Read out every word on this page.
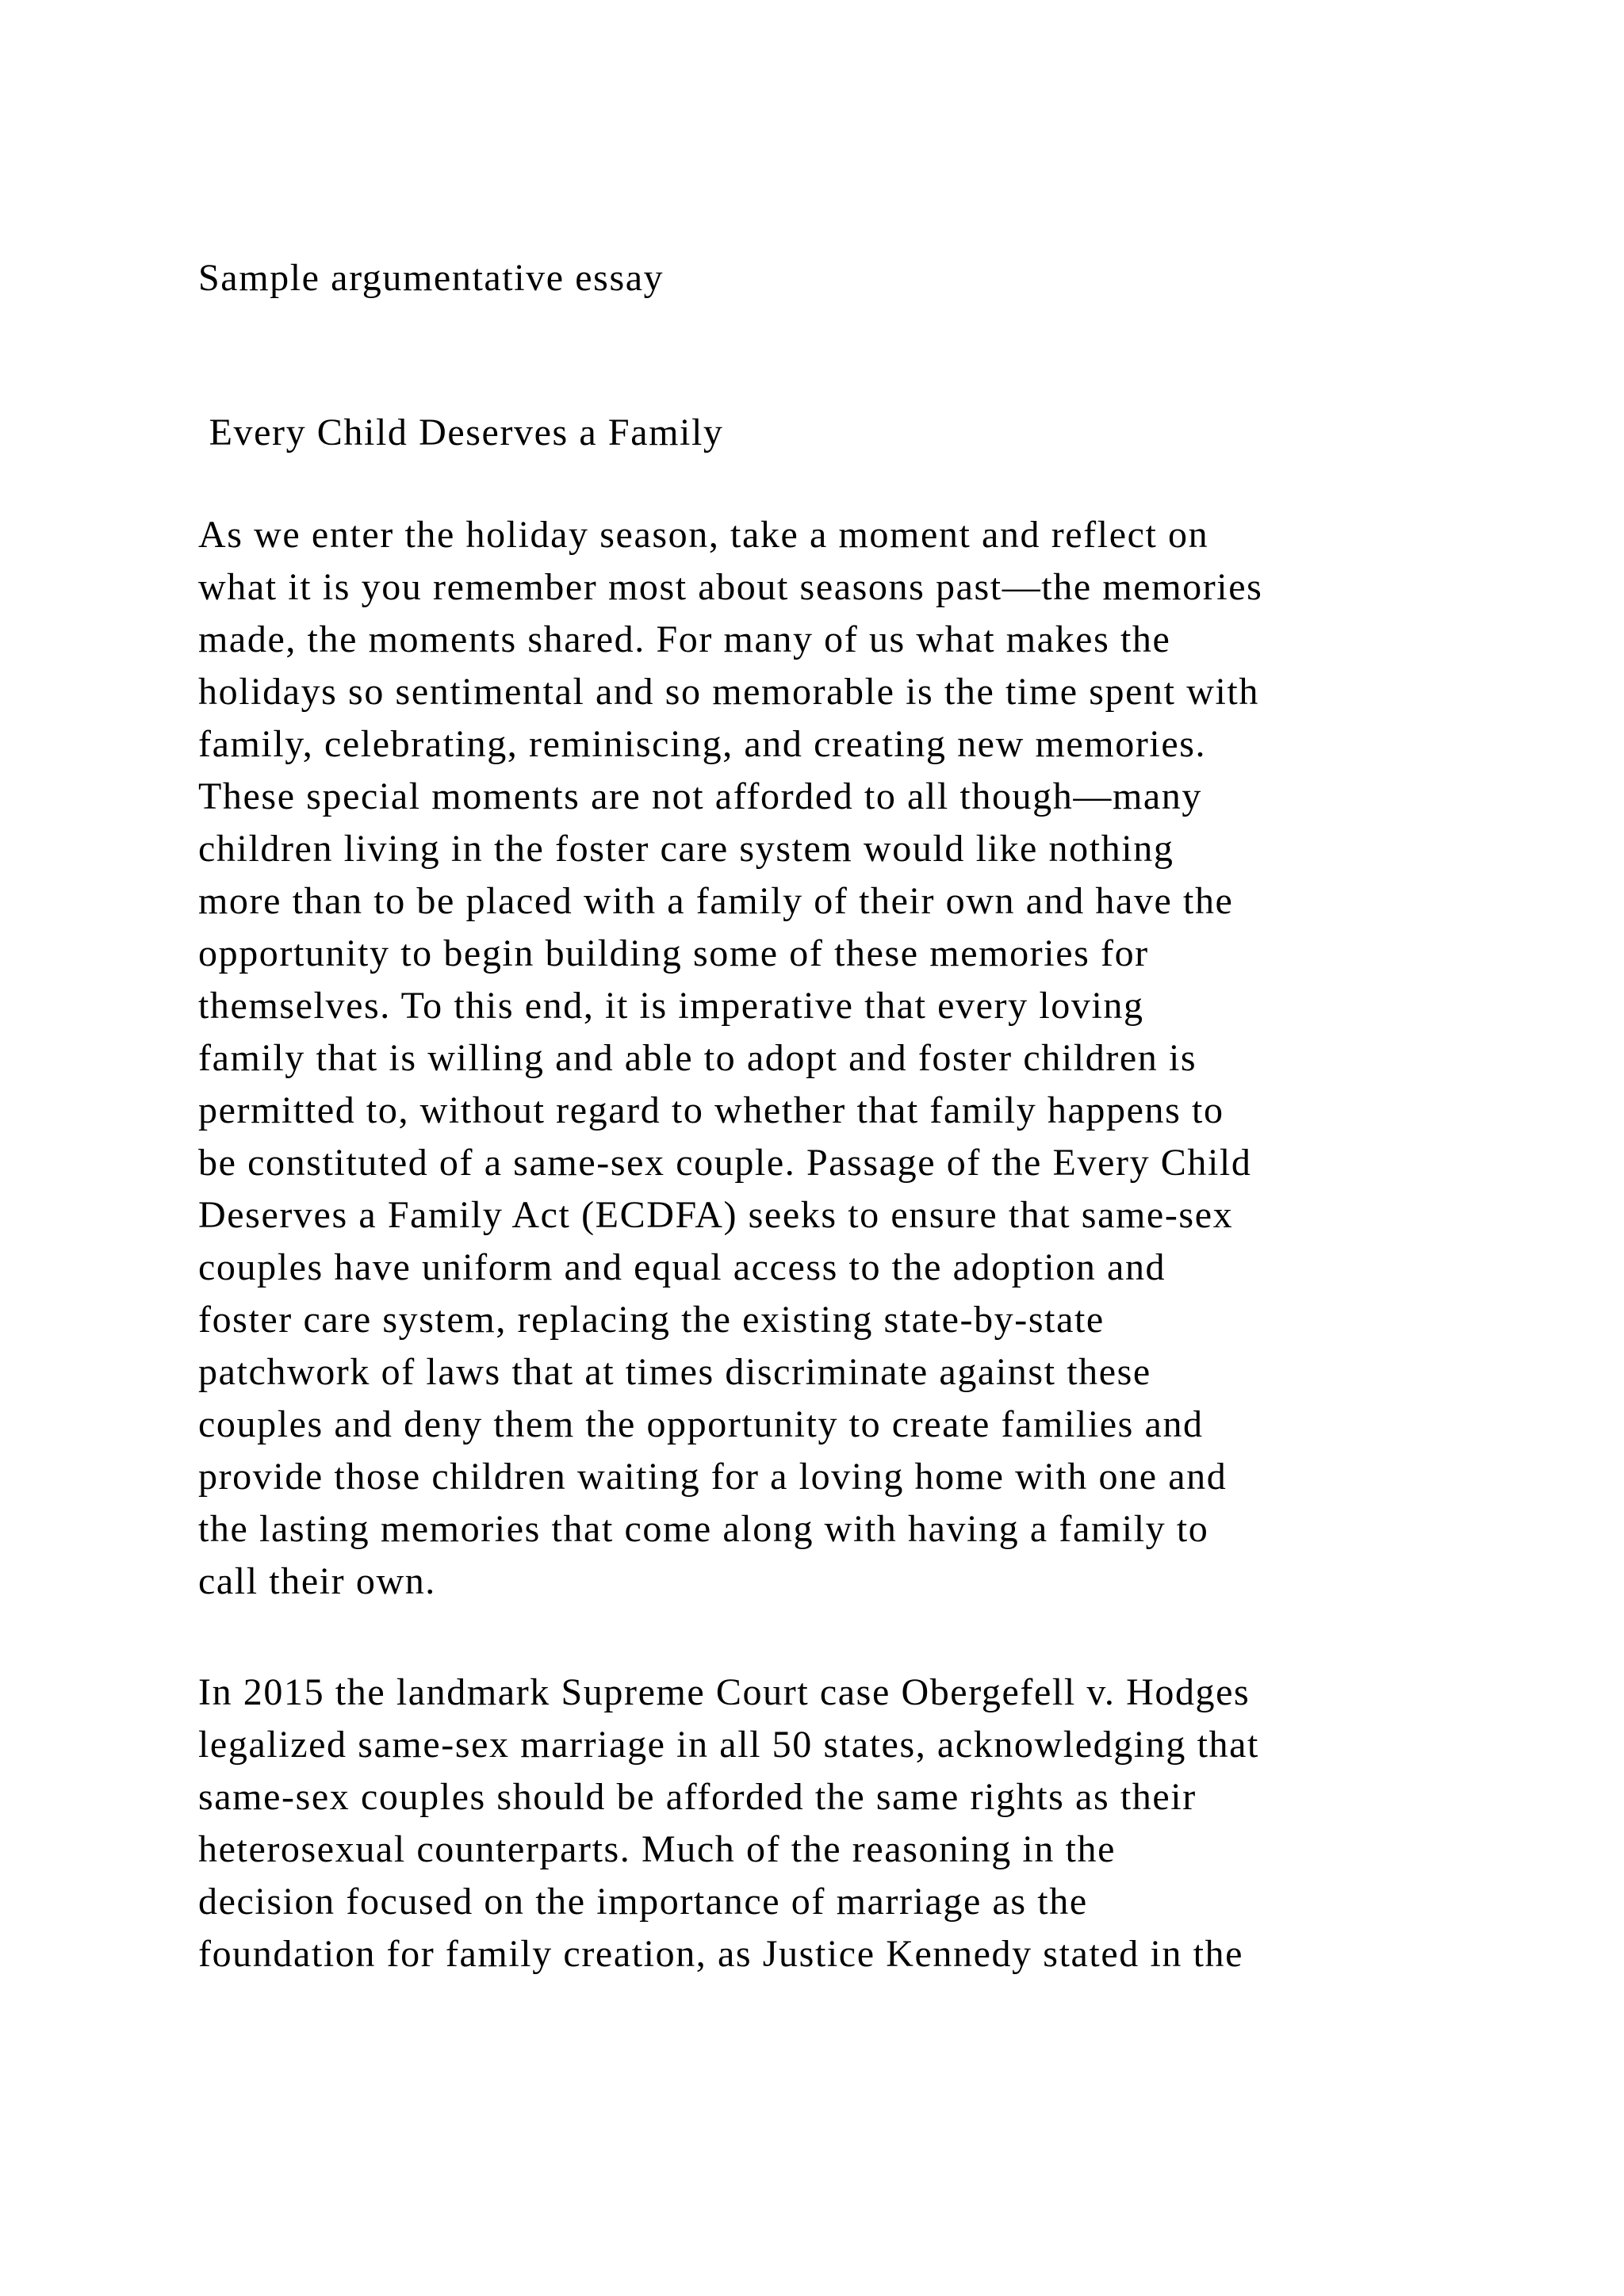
Sample argumentative essay

Every Child Deserves a Family

As we enter the holiday season, take a moment and reflect on
what it is you remember most about seasons past—the memories
made, the moments shared. For many of us what makes the
holidays so sentimental and so memorable is the time spent with
family, celebrating, reminiscing, and creating new memories.
These special moments are not afforded to all though—many
children living in the foster care system would like nothing
more than to be placed with a family of their own and have the
opportunity to begin building some of these memories for
themselves. To this end, it is imperative that every loving
family that is willing and able to adopt and foster children is
permitted to, without regard to whether that family happens to
be constituted of a same-sex couple. Passage of the Every Child
Deserves a Family Act (ECDFA) seeks to ensure that same-sex
couples have uniform and equal access to the adoption and
foster care system, replacing the existing state-by-state
patchwork of laws that at times discriminate against these
couples and deny them the opportunity to create families and
provide those children waiting for a loving home with one and
the lasting memories that come along with having a family to
call their own.
In 2015 the landmark Supreme Court case Obergefell v. Hodges
legalized same-sex marriage in all 50 states, acknowledging that
same-sex couples should be afforded the same rights as their
heterosexual counterparts. Much of the reasoning in the
decision focused on the importance of marriage as the
foundation for family creation, as Justice Kennedy stated in the
